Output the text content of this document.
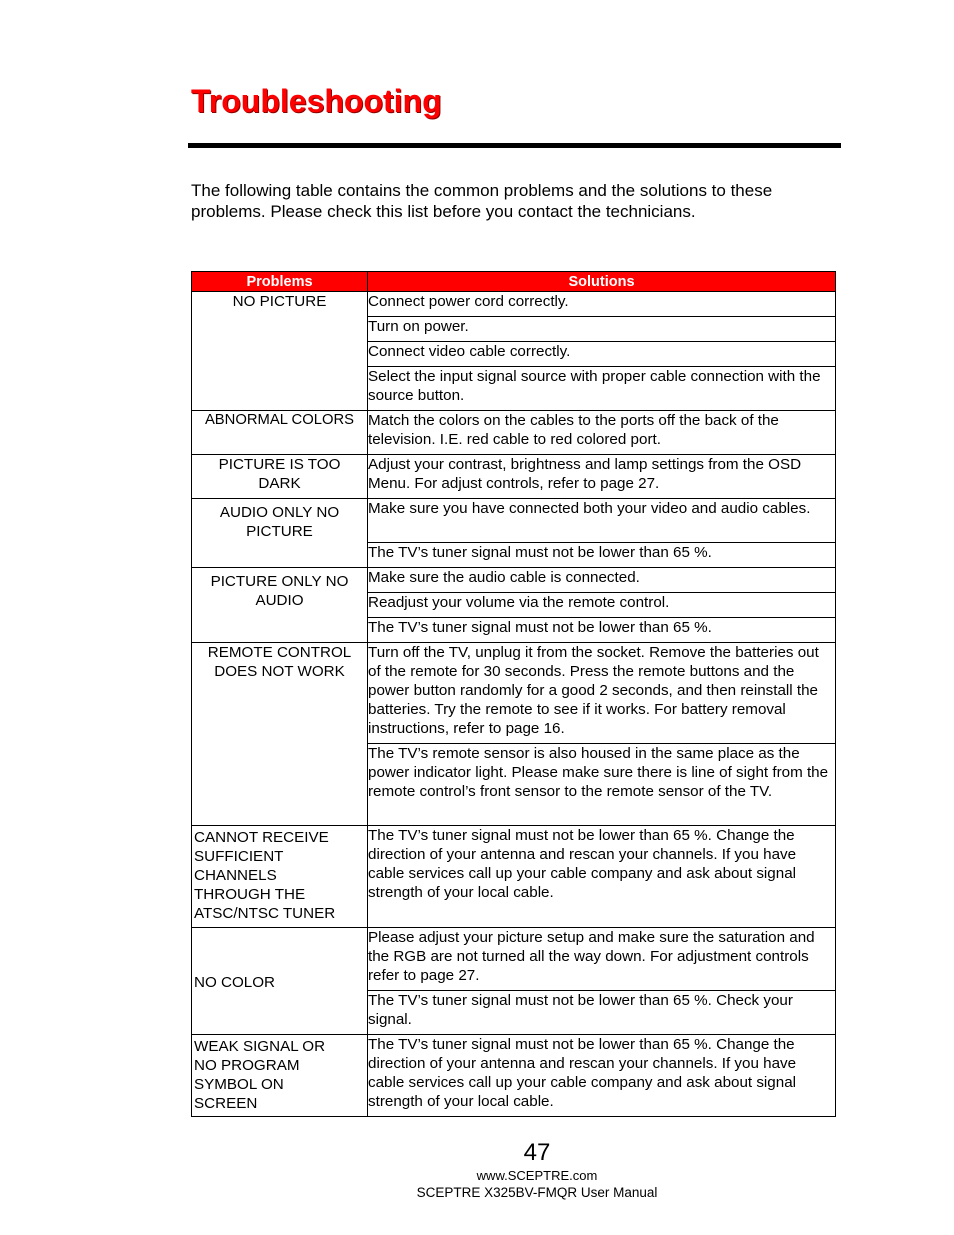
Troubleshooting

The following table contains the common problems and the solutions to these problems. Please check this list before you contact the technicians.

Problems	Solutions
NO PICTURE	Connect power cord correctly.
	Turn on power.
	Connect video cable correctly.
	Select the input signal source with proper cable connection with the source button.
ABNORMAL COLORS	Match the colors on the cables to the ports off the back of the television. I.E. red cable to red colored port.
PICTURE IS TOO DARK	Adjust your contrast, brightness and lamp settings from the OSD Menu. For adjust controls, refer to page 27.
AUDIO ONLY NO PICTURE	Make sure you have connected both your video and audio cables.
	The TV’s tuner signal must not be lower than 65 %.
PICTURE ONLY NO AUDIO	Make sure the audio cable is connected.
	Readjust your volume via the remote control.
	The TV’s tuner signal must not be lower than 65 %.
REMOTE CONTROL DOES NOT WORK	Turn off the TV, unplug it from the socket. Remove the batteries out of the remote for 30 seconds. Press the remote buttons and the power button randomly for a good 2 seconds, and then reinstall the batteries. Try the remote to see if it works. For battery removal instructions, refer to page 16.
	The TV’s remote sensor is also housed in the same place as the power indicator light. Please make sure there is line of sight from the remote control’s front sensor to the remote sensor of the TV.
CANNOT RECEIVE SUFFICIENT CHANNELS THROUGH THE ATSC/NTSC TUNER	The TV’s tuner signal must not be lower than 65 %. Change the direction of your antenna and rescan your channels. If you have cable services call up your cable company and ask about signal strength of your local cable.
NO COLOR	Please adjust your picture setup and make sure the saturation and the RGB are not turned all the way down. For adjustment controls refer to page 27.
	The TV’s tuner signal must not be lower than 65 %. Check your signal.
WEAK SIGNAL OR NO PROGRAM SYMBOL ON SCREEN	The TV’s tuner signal must not be lower than 65 %. Change the direction of your antenna and rescan your channels. If you have cable services call up your cable company and ask about signal strength of your local cable.

47

www.SCEPTRE.com

SCEPTRE X325BV-FMQR User Manual
